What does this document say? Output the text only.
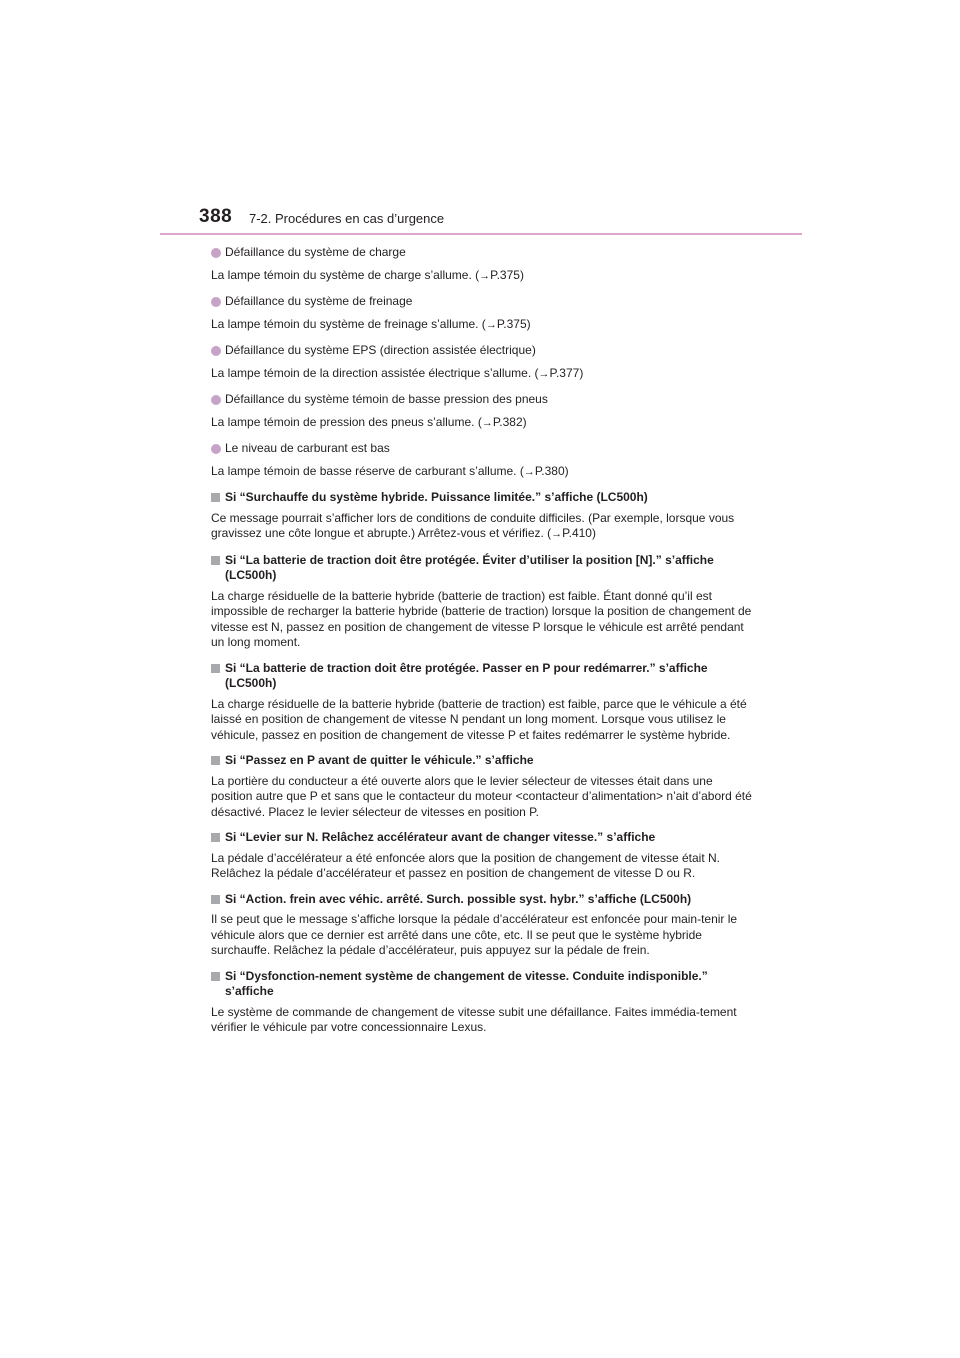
388 7-2. Procédures en cas d’urgence
Défaillance du système de charge
La lampe témoin du système de charge s’allume. (→P.375)
Défaillance du système de freinage
La lampe témoin du système de freinage s’allume. (→P.375)
Défaillance du système EPS (direction assistée électrique)
La lampe témoin de la direction assistée électrique s’allume. (→P.377)
Défaillance du système témoin de basse pression des pneus
La lampe témoin de pression des pneus s’allume. (→P.382)
Le niveau de carburant est bas
La lampe témoin de basse réserve de carburant s’allume. (→P.380)
Si “Surchauffe du système hybride. Puissance limitée.” s’affiche (LC500h)
Ce message pourrait s’afficher lors de conditions de conduite difficiles. (Par exemple, lorsque vous gravissez une côte longue et abrupte.) Arrêtez-vous et vérifiez. (→P.410)
Si “La batterie de traction doit être protégée. Éviter d’utiliser la position [N].” s’affiche (LC500h)
La charge résiduelle de la batterie hybride (batterie de traction) est faible. Étant donné qu’il est impossible de recharger la batterie hybride (batterie de traction) lorsque la position de changement de vitesse est N, passez en position de changement de vitesse P lorsque le véhicule est arrêté pendant un long moment.
Si “La batterie de traction doit être protégée. Passer en P pour redémarrer.” s’affiche (LC500h)
La charge résiduelle de la batterie hybride (batterie de traction) est faible, parce que le véhicule a été laissé en position de changement de vitesse N pendant un long moment. Lorsque vous utilisez le véhicule, passez en position de changement de vitesse P et faites redémarrer le système hybride.
Si “Passez en P avant de quitter le véhicule.” s’affiche
La portière du conducteur a été ouverte alors que le levier sélecteur de vitesses était dans une position autre que P et sans que le contacteur du moteur <contacteur d’alimentation> n’ait d’abord été désactivé. Placez le levier sélecteur de vitesses en position P.
Si “Levier sur N. Relâchez accélérateur avant de changer vitesse.” s’affiche
La pédale d’accélérateur a été enfoncée alors que la position de changement de vitesse était N. Relâchez la pédale d’accélérateur et passez en position de changement de vitesse D ou R.
Si “Action. frein avec véhic. arrêté. Surch. possible syst. hybr.” s’affiche (LC500h)
Il se peut que le message s’affiche lorsque la pédale d’accélérateur est enfoncée pour main-tenir le véhicule alors que ce dernier est arrêté dans une côte, etc. Il se peut que le système hybride surchauffe. Relâchez la pédale d’accélérateur, puis appuyez sur la pédale de frein.
Si “Dysfonction-nement système de changement de vitesse. Conduite indisponible.” s’affiche
Le système de commande de changement de vitesse subit une défaillance. Faites immédia-tement vérifier le véhicule par votre concessionnaire Lexus.
